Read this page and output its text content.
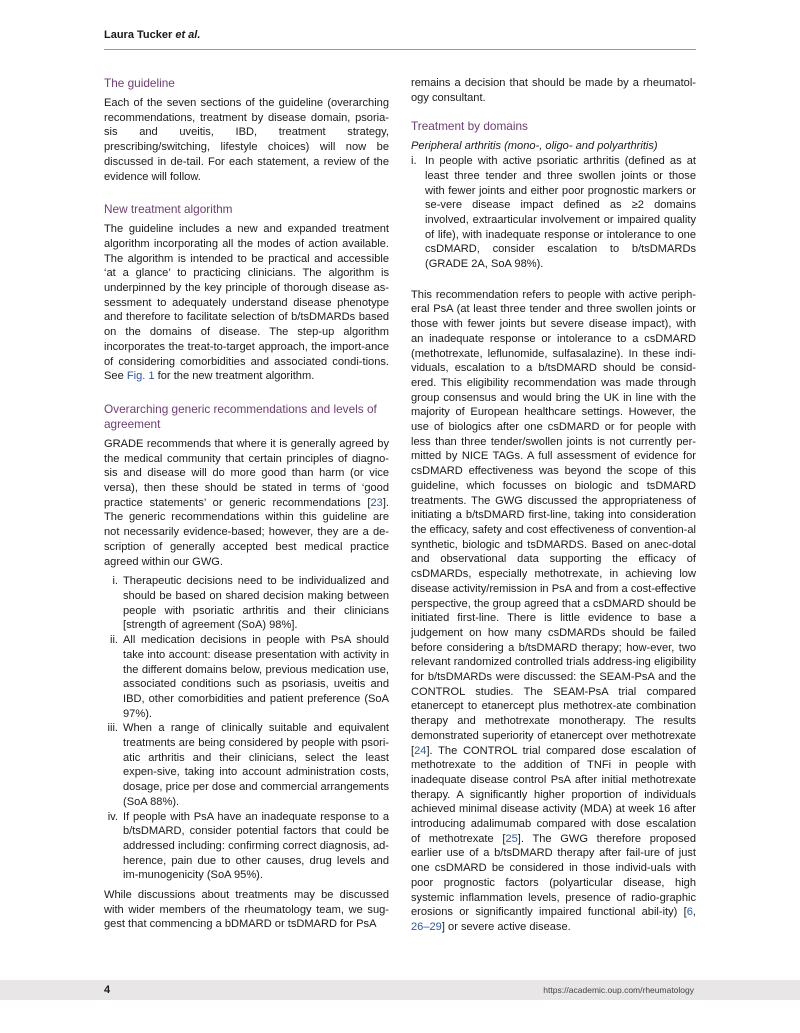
Laura Tucker et al.
The guideline

Each of the seven sections of the guideline (overarching recommendations, treatment by disease domain, psoria-sis and uveitis, IBD, treatment strategy, prescribing/switching, lifestyle choices) will now be discussed in de-tail. For each statement, a review of the evidence will follow.

New treatment algorithm

The guideline includes a new and expanded treatment algorithm incorporating all the modes of action available. The algorithm is intended to be practical and accessible ‘at a glance’ to practicing clinicians. The algorithm is underpinned by the key principle of thorough disease as-sessment to adequately understand disease phenotype and therefore to facilitate selection of b/tsDMARDs based on the domains of disease. The step-up algorithm incorporates the treat-to-target approach, the import-ance of considering comorbidities and associated condi-tions. See Fig. 1 for the new treatment algorithm.

Overarching generic recommendations and levels of agreement

GRADE recommends that where it is generally agreed by the medical community that certain principles of diagno-sis and disease will do more good than harm (or vice versa), then these should be stated in terms of ‘good practice statements’ or generic recommendations [23]. The generic recommendations within this guideline are not necessarily evidence-based; however, they are a de-scription of generally accepted best medical practice agreed within our GWG.

i. Therapeutic decisions need to be individualized and should be based on shared decision making between people with psoriatic arthritis and their clinicians [strength of agreement (SoA) 98%].
ii. All medication decisions in people with PsA should take into account: disease presentation with activity in the different domains below, previous medication use, associated conditions such as psoriasis, uveitis and IBD, other comorbidities and patient preference (SoA 97%).
iii. When a range of clinically suitable and equivalent treatments are being considered by people with psori-atic arthritis and their clinicians, select the least expen-sive, taking into account administration costs, dosage, price per dose and commercial arrangements (SoA 88%).
iv. If people with PsA have an inadequate response to a b/tsDMARD, consider potential factors that could be addressed including: confirming correct diagnosis, ad-herence, pain due to other causes, drug levels and im-munogenicity (SoA 95%).

While discussions about treatments may be discussed with wider members of the rheumatology team, we sug-gest that commencing a bDMARD or tsDMARD for PsA

remains a decision that should be made by a rheumatol-ogy consultant.

Treatment by domains

Peripheral arthritis (mono-, oligo- and polyarthritis)

i. In people with active psoriatic arthritis (defined as at least three tender and three swollen joints or those with fewer joints and either poor prognostic markers or se-vere disease impact defined as ≥2 domains involved, extraarticular involvement or impaired quality of life), with inadequate response or intolerance to one csDMARD, consider escalation to b/tsDMARDs (GRADE 2A, SoA 98%).

This recommendation refers to people with active periph-eral PsA (at least three tender and three swollen joints or those with fewer joints but severe disease impact), with an inadequate response or intolerance to a csDMARD (methotrexate, leflunomide, sulfasalazine). In these indi-viduals, escalation to a b/tsDMARD should be consid-ered. This eligibility recommendation was made through group consensus and would bring the UK in line with the majority of European healthcare settings. However, the use of biologics after one csDMARD or for people with less than three tender/swollen joints is not currently per-mitted by NICE TAGs. A full assessment of evidence for csDMARD effectiveness was beyond the scope of this guideline, which focusses on biologic and tsDMARD treatments. The GWG discussed the appropriateness of initiating a b/tsDMARD first-line, taking into consideration the efficacy, safety and cost effectiveness of convention-al synthetic, biologic and tsDMARDS. Based on anec-dotal and observational data supporting the efficacy of csDMARDs, especially methotrexate, in achieving low disease activity/remission in PsA and from a cost-effective perspective, the group agreed that a csDMARD should be initiated first-line. There is little evidence to base a judgement on how many csDMARDs should be failed before considering a b/tsDMARD therapy; how-ever, two relevant randomized controlled trials address-ing eligibility for b/tsDMARDs were discussed: the SEAM-PsA and the CONTROL studies. The SEAM-PsA trial compared etanercept to etanercept plus methotrex-ate combination therapy and methotrexate monotherapy. The results demonstrated superiority of etanercept over methotrexate [24]. The CONTROL trial compared dose escalation of methotrexate to the addition of TNFi in people with inadequate disease control PsA after initial methotrexate therapy. A significantly higher proportion of individuals achieved minimal disease activity (MDA) at week 16 after introducing adalimumab compared with dose escalation of methotrexate [25]. The GWG therefore proposed earlier use of a b/tsDMARD therapy after fail-ure of just one csDMARD be considered in those individ-uals with poor prognostic factors (polyarticular disease, high systemic inflammation levels, presence of radio-graphic erosions or significantly impaired functional abil-ity) [6, 26–29] or severe active disease.

4	https://academic.oup.com/rheumatology
